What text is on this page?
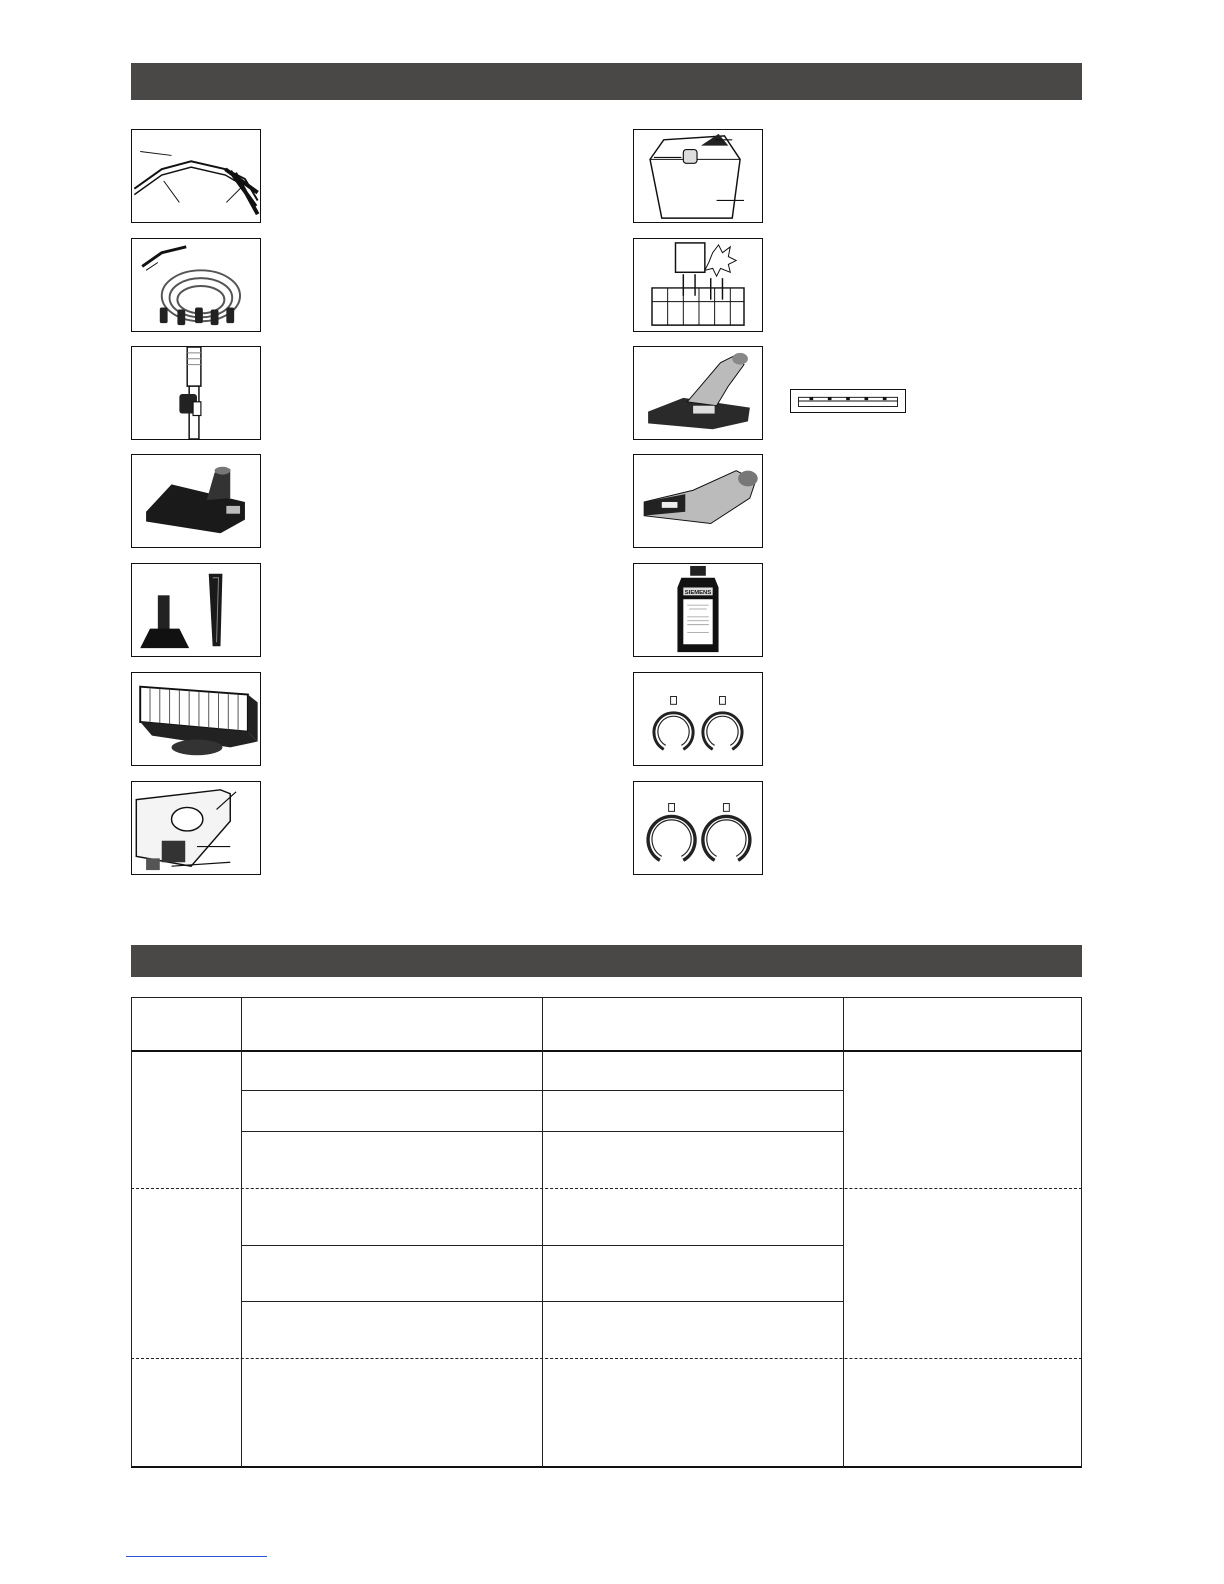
SIEMENS
